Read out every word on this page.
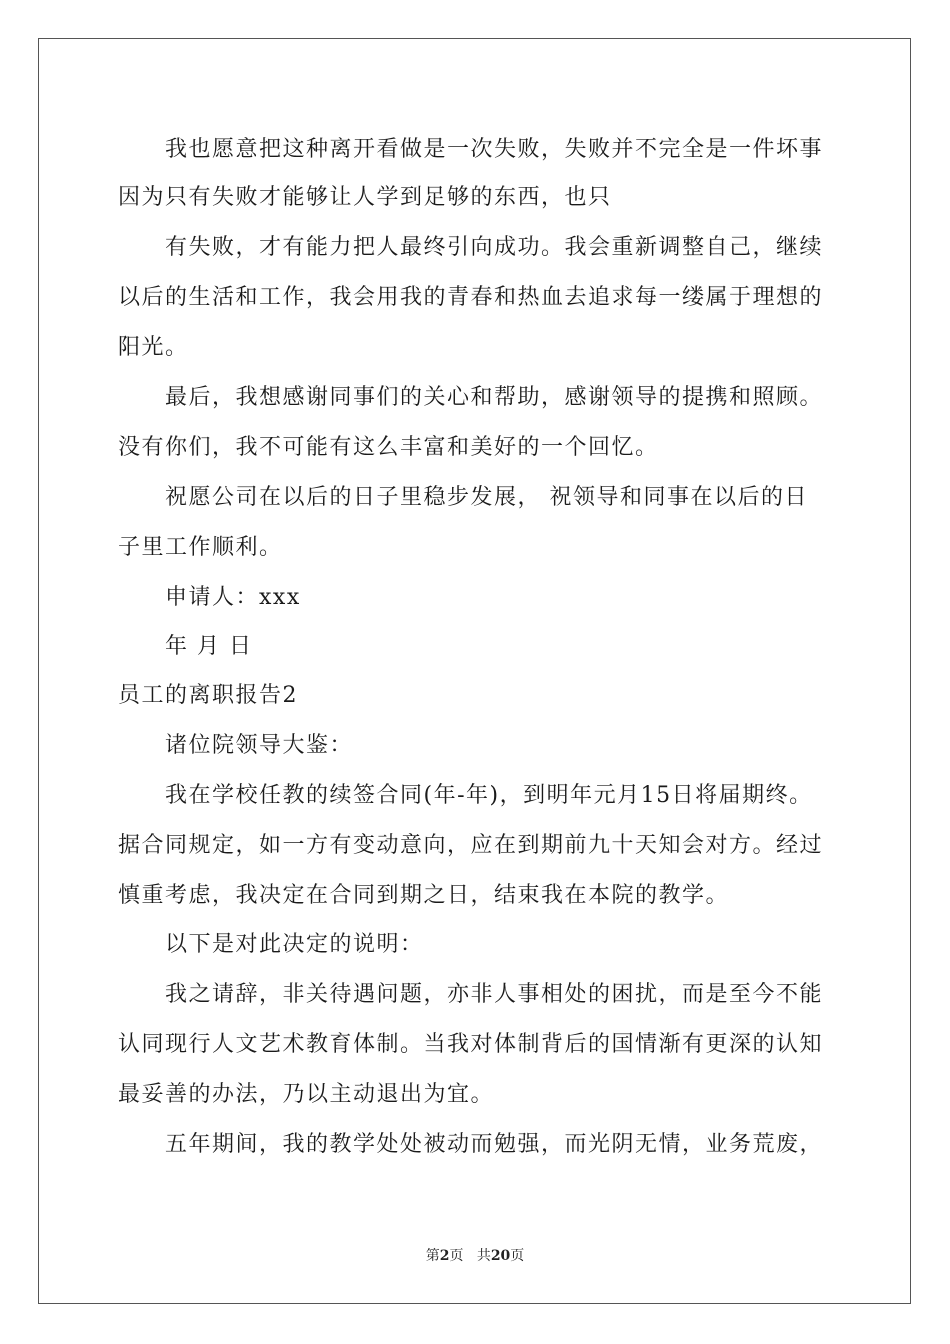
我也愿意把这种离开看做是一次失败，失败并不完全是一件坏事
因为只有失败才能够让人学到足够的东西，也只
有失败，才有能力把人最终引向成功。我会重新调整自己，继续
以后的生活和工作，我会用我的青春和热血去追求每一缕属于理想的
阳光。
最后，我想感谢同事们的关心和帮助，感谢领导的提携和照顾。
没有你们，我不可能有这么丰富和美好的一个回忆。
祝愿公司在以后的日子里稳步发展， 祝领导和同事在以后的日
子里工作顺利。
申请人：xxx
年 月 日
员工的离职报告2
诸位院领导大鉴：
我在学校任教的续签合同(年-年)，到明年元月15日将届期终。
据合同规定，如一方有变动意向，应在到期前九十天知会对方。经过
慎重考虑，我决定在合同到期之日，结束我在本院的教学。
以下是对此决定的说明：
我之请辞，非关待遇问题，亦非人事相处的困扰，而是至今不能
认同现行人文艺术教育体制。当我对体制背后的国情渐有更深的认知
最妥善的办法，乃以主动退出为宜。
五年期间，我的教学处处被动而勉强，而光阴无情，业务荒废，
第2页 共20页
